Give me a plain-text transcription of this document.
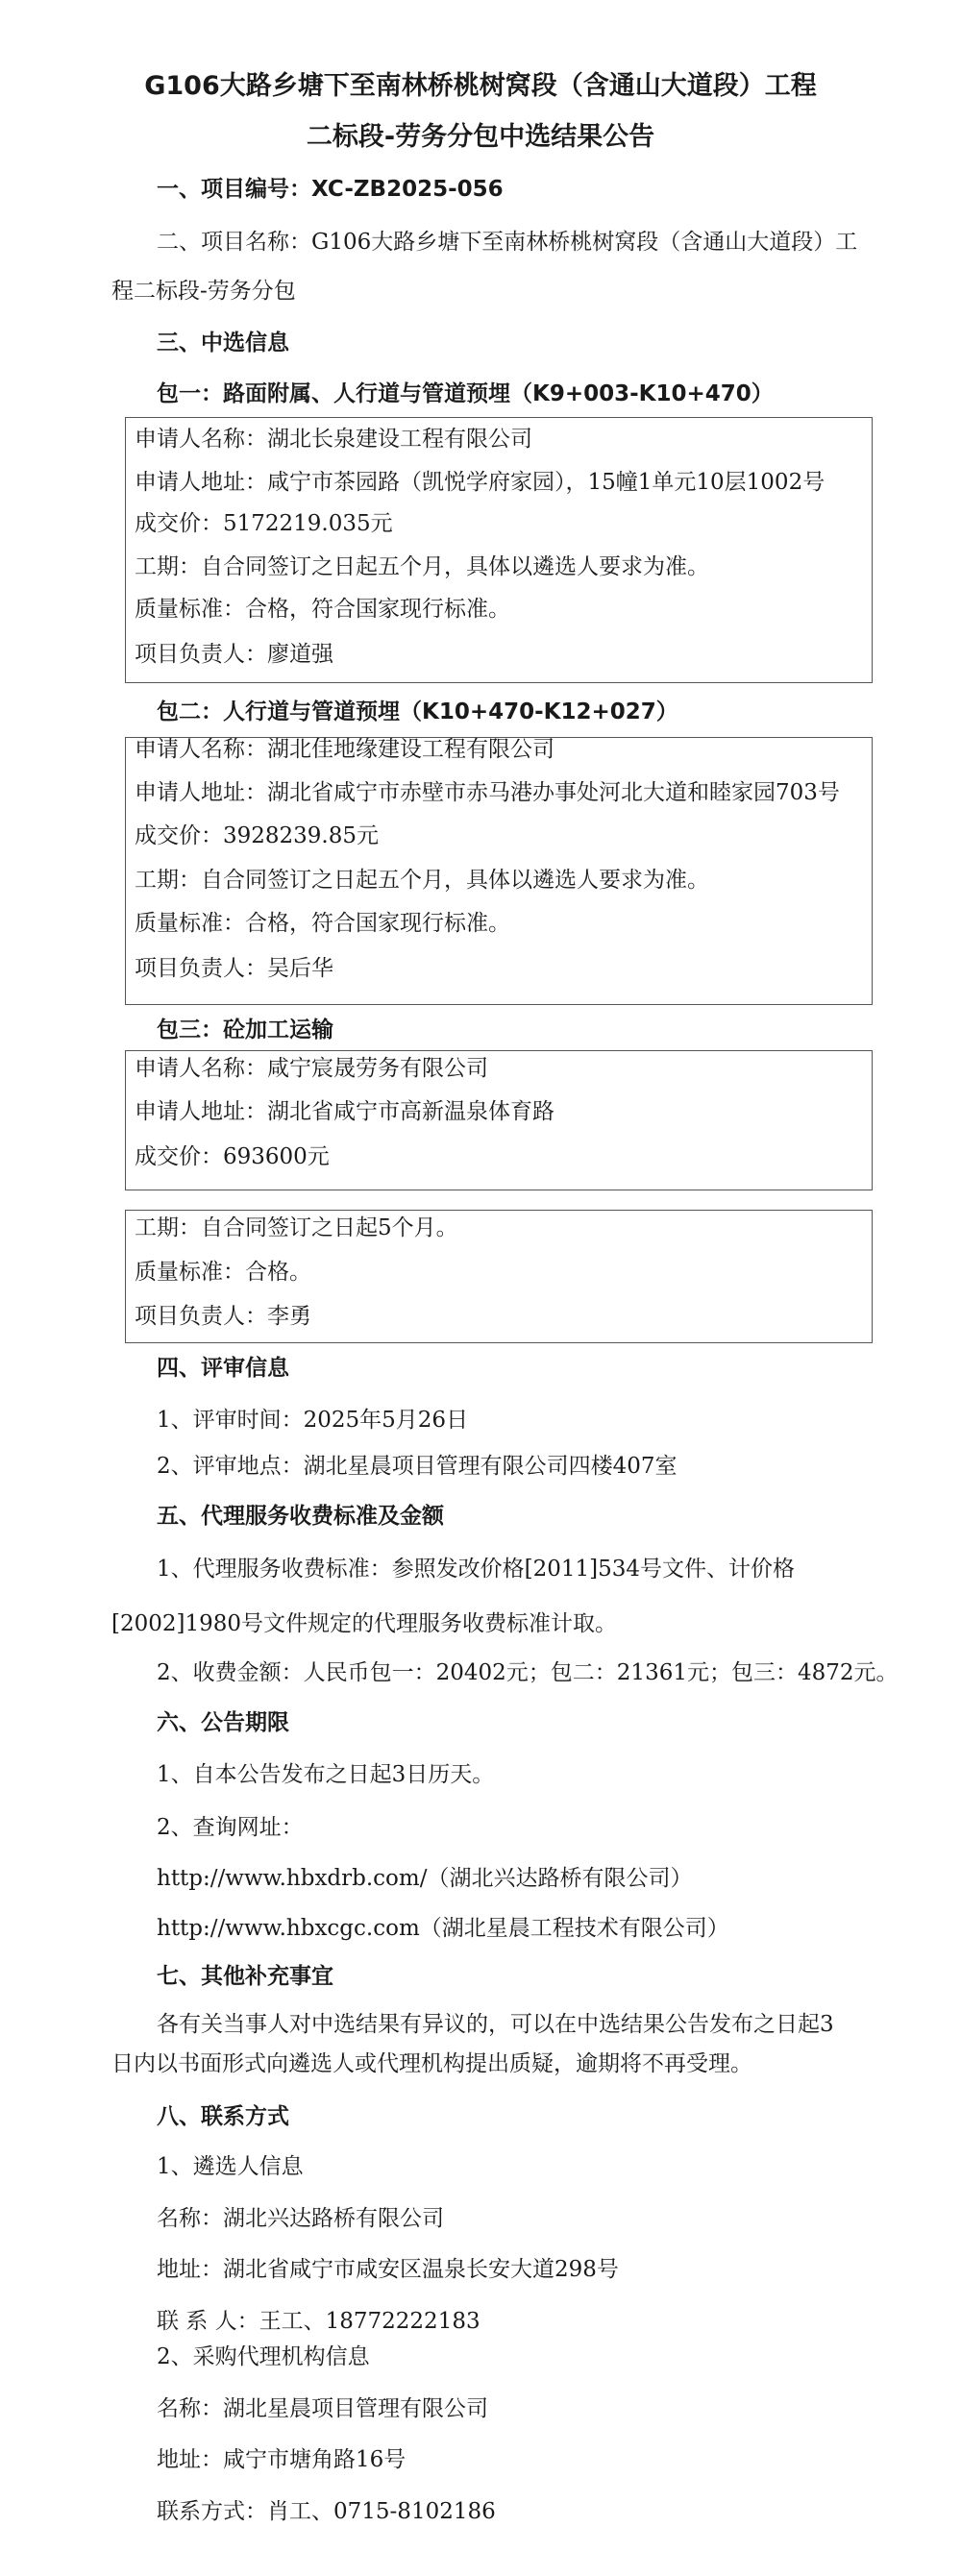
G106大路乡塘下至南林桥桃树窝段（含通山大道段）工程
二标段-劳务分包中选结果公告
一、项目编号：XC-ZB2025-056
二、项目名称：G106大路乡塘下至南林桥桃树窝段（含通山大道段）工
程二标段-劳务分包
三、中选信息
包一：路面附属、人行道与管道预埋（K9+003-K10+470）
申请人名称：湖北长泉建设工程有限公司
申请人地址：咸宁市茶园路（凯悦学府家园），15幢1单元10层1002号
成交价：5172219.035元
工期：自合同签订之日起五个月，具体以遴选人要求为准。
质量标准：合格，符合国家现行标准。
项目负责人：廖道强
包二：人行道与管道预埋（K10+470-K12+027）
申请人名称：湖北佳地缘建设工程有限公司
申请人地址：湖北省咸宁市赤壁市赤马港办事处河北大道和睦家园703号
成交价：3928239.85元
工期：自合同签订之日起五个月，具体以遴选人要求为准。
质量标准：合格，符合国家现行标准。
项目负责人：吴后华
包三：砼加工运输
申请人名称：咸宁宸晟劳务有限公司
申请人地址：湖北省咸宁市高新温泉体育路
成交价：693600元
工期：自合同签订之日起5个月。
质量标准：合格。
项目负责人：李勇
四、评审信息
1、评审时间：2025年5月26日
2、评审地点：湖北星晨项目管理有限公司四楼407室
五、代理服务收费标准及金额
1、代理服务收费标准：参照发改价格[2011]534号文件、计价格
[2002]1980号文件规定的代理服务收费标准计取。
2、收费金额：人民币包一：20402元；包二：21361元；包三：4872元。
六、公告期限
1、自本公告发布之日起3日历天。
2、查询网址：
http://www.hbxdrb.com/（湖北兴达路桥有限公司）
http://www.hbxcgc.com（湖北星晨工程技术有限公司）
七、其他补充事宜
各有关当事人对中选结果有异议的，可以在中选结果公告发布之日起3
日内以书面形式向遴选人或代理机构提出质疑，逾期将不再受理。
八、联系方式
1、遴选人信息
名称：湖北兴达路桥有限公司
地址：湖北省咸宁市咸安区温泉长安大道298号
联 系 人：王工、18772222183
2、采购代理机构信息
名称：湖北星晨项目管理有限公司
地址：咸宁市塘角路16号
联系方式：肖工、0715-8102186
